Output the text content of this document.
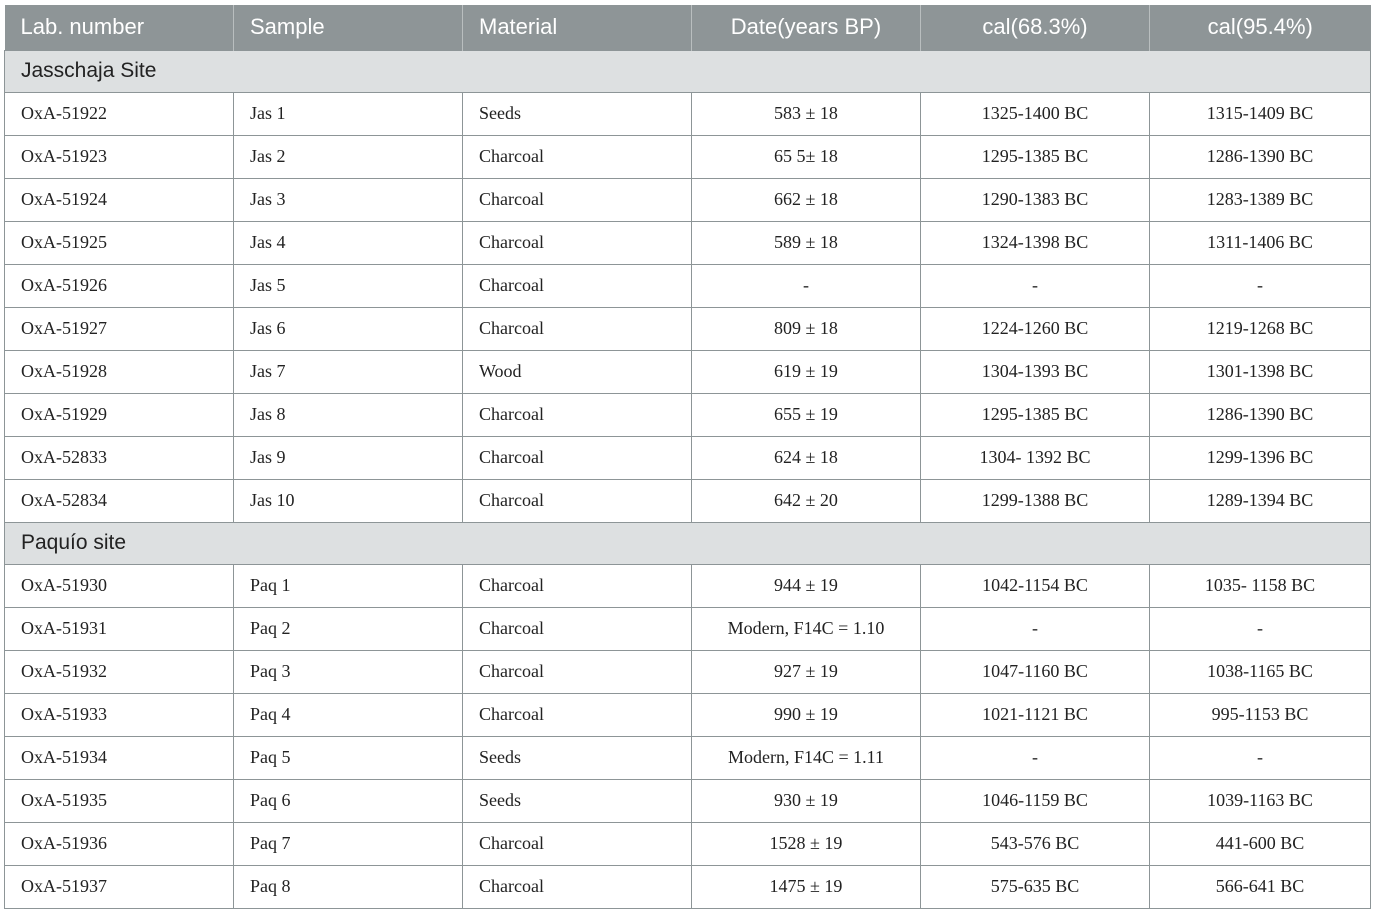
Lab. number	Sample	Material	Date(years BP)	cal(68.3%)	cal(95.4%)
Jasschaja Site					
OxA-51922	Jas 1	Seeds	583 ± 18	1325-1400 BC	1315-1409 BC
OxA-51923	Jas 2	Charcoal	65 5± 18	1295-1385 BC	1286-1390 BC
OxA-51924	Jas 3	Charcoal	662 ± 18	1290-1383 BC	1283-1389 BC
OxA-51925	Jas 4	Charcoal	589 ± 18	1324-1398 BC	1311-1406 BC
OxA-51926	Jas 5	Charcoal	-	-	-
OxA-51927	Jas 6	Charcoal	809 ± 18	1224-1260 BC	1219-1268 BC
OxA-51928	Jas 7	Wood	619 ± 19	1304-1393 BC	1301-1398 BC
OxA-51929	Jas 8	Charcoal	655 ± 19	1295-1385 BC	1286-1390 BC
OxA-52833	Jas 9	Charcoal	624 ± 18	1304- 1392 BC	1299-1396 BC
OxA-52834	Jas 10	Charcoal	642 ± 20	1299-1388 BC	1289-1394 BC
Paquío site					
OxA-51930	Paq 1	Charcoal	944 ± 19	1042-1154 BC	1035- 1158 BC
OxA-51931	Paq 2	Charcoal	Modern, F14C = 1.10	-	-
OxA-51932	Paq 3	Charcoal	927 ± 19	1047-1160 BC	1038-1165 BC
OxA-51933	Paq 4	Charcoal	990 ± 19	1021-1121 BC	995-1153 BC
OxA-51934	Paq 5	Seeds	Modern, F14C = 1.11	-	-
OxA-51935	Paq 6	Seeds	930 ± 19	1046-1159 BC	1039-1163 BC
OxA-51936	Paq 7	Charcoal	1528 ± 19	543-576 BC	441-600 BC
OxA-51937	Paq 8	Charcoal	1475 ± 19	575-635 BC	566-641 BC
